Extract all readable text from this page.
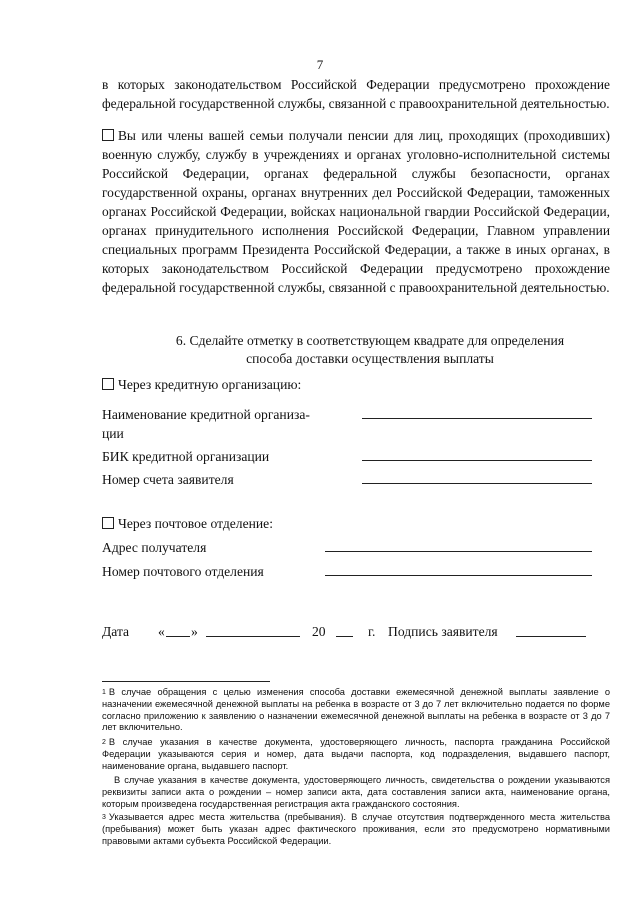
7
в которых законодательством Российской Федерации предусмотрено прохождение федеральной государственной службы, связанной с правоохранительной деятельностью.
Вы или члены вашей семьи получали пенсии для лиц, проходящих (проходивших) военную службу, службу в учреждениях и органах уголовно-исполнительной системы Российской Федерации, органах федеральной службы безопасности, органах государственной охраны, органах внутренних дел Российской Федерации, таможенных органах Российской Федерации, войсках национальной гвардии Российской Федерации, органах принудительного исполнения Российской Федерации, Главном управлении специальных программ Президента Российской Федерации, а также в иных органах, в которых законодательством Российской Федерации предусмотрено прохождение федеральной государственной службы, связанной с правоохранительной деятельностью.
6. Сделайте отметку в соответствующем квадрате для определения
способа доставки осуществления выплаты
Через кредитную организацию:
Наименование кредитной организа-
ции
БИК кредитной организации
Номер счета заявителя
Через почтовое отделение:
Адрес получателя
Номер почтового отделения
Дата « »	20	г. Подпись заявителя
$^1$ В случае обращения с целью изменения способа доставки ежемесячной денежной выплаты заявление о назначении ежемесячной денежной выплаты на ребенка в возрасте от 3 до 7 лет включительно подается по форме согласно приложению к заявлению о назначении ежемесячной денежной выплаты на ребенка в возрасте от 3 до 7 лет включительно.
$^2$ В случае указания в качестве документа, удостоверяющего личность, паспорта гражданина Российской Федерации указываются серия и номер, дата выдачи паспорта, код подразделения, выдавшего паспорт, наименование органа, выдавшего паспорт.
В случае указания в качестве документа, удостоверяющего личность, свидетельства о рождении указываются реквизиты записи акта о рождении – номер записи акта, дата составления записи акта, наименование органа, которым произведена государственная регистрация акта гражданского состояния.
$^3$ Указывается адрес места жительства (пребывания). В случае отсутствия подтвержденного места жительства (пребывания) может быть указан адрес фактического проживания, если это предусмотрено нормативными правовыми актами субъекта Российской Федерации.
